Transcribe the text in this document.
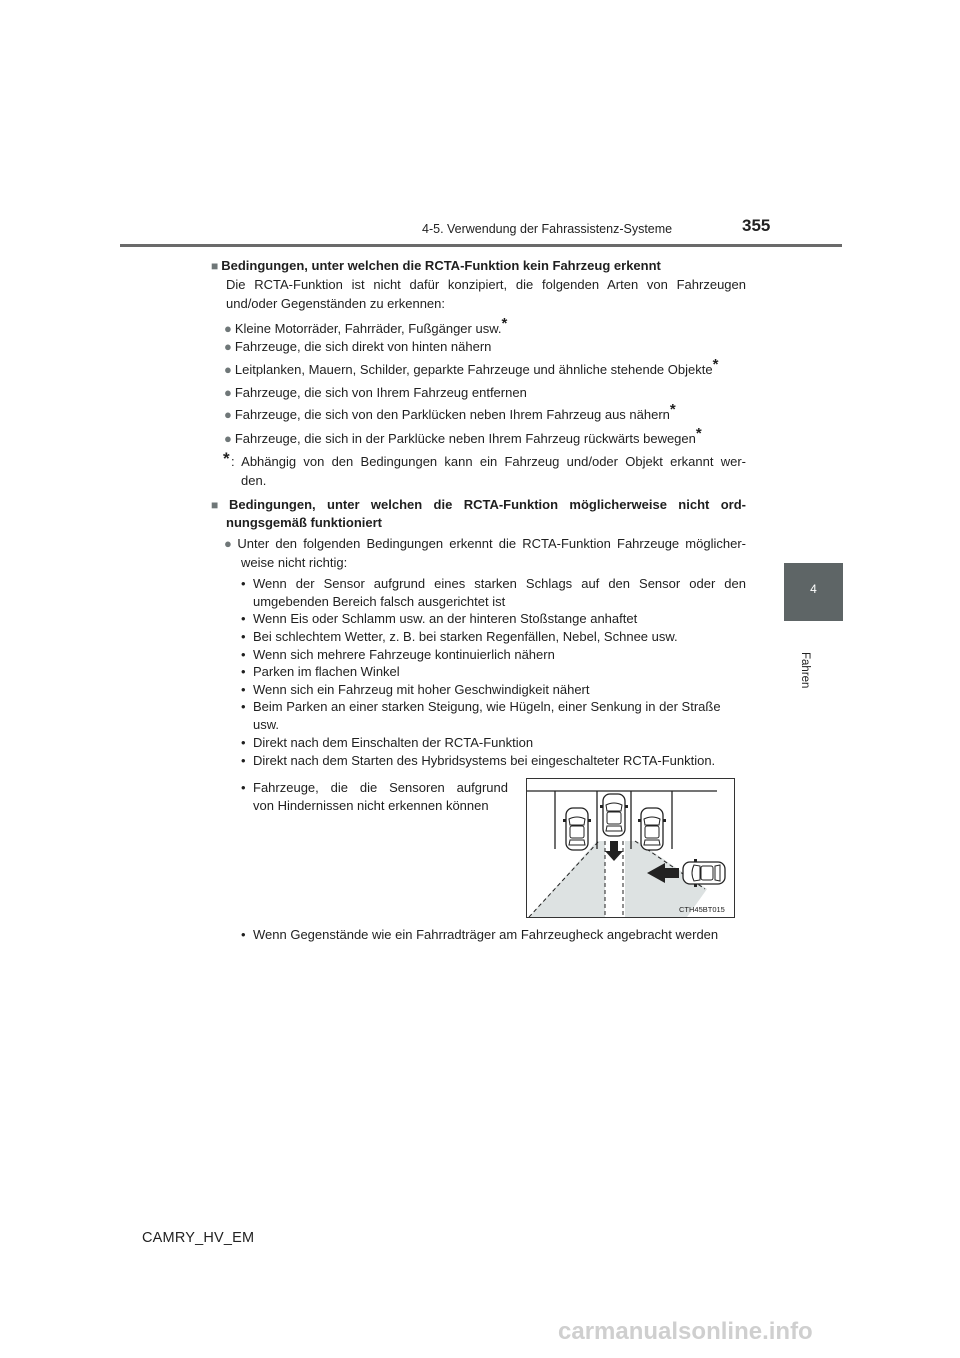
4-5. Verwendung der Fahrassistenz-Systeme	355
4
Fahren
■ Bedingungen, unter welchen die RCTA-Funktion kein Fahrzeug erkennt
Die RCTA-Funktion ist nicht dafür konzipiert, die folgenden Arten von Fahrzeugen
und/oder Gegenständen zu erkennen:
● Kleine Motorräder, Fahrräder, Fußgänger usw.*
● Fahrzeuge, die sich direkt von hinten nähern
● Leitplanken, Mauern, Schilder, geparkte Fahrzeuge und ähnliche stehende Objekte*
● Fahrzeuge, die sich von Ihrem Fahrzeug entfernen
● Fahrzeuge, die sich von den Parklücken neben Ihrem Fahrzeug aus nähern*
● Fahrzeuge, die sich in der Parklücke neben Ihrem Fahrzeug rückwärts bewegen*
* : Abhängig von den Bedingungen kann ein Fahrzeug und/oder Objekt erkannt wer-
den.
■ Bedingungen, unter welchen die RCTA-Funktion möglicherweise nicht ord-
nungsgemäß funktioniert
● Unter den folgenden Bedingungen erkennt die RCTA-Funktion Fahrzeuge möglicher-
weise nicht richtig:
• Wenn der Sensor aufgrund eines starken Schlags auf den Sensor oder den
umgebenden Bereich falsch ausgerichtet ist
• Wenn Eis oder Schlamm usw. an der hinteren Stoßstange anhaftet
• Bei schlechtem Wetter, z. B. bei starken Regenfällen, Nebel, Schnee usw.
• Wenn sich mehrere Fahrzeuge kontinuierlich nähern
• Parken im flachen Winkel
• Wenn sich ein Fahrzeug mit hoher Geschwindigkeit nähert
• Beim Parken an einer starken Steigung, wie Hügeln, einer Senkung in der Straße
usw.
• Direkt nach dem Einschalten der RCTA-Funktion
• Direkt nach dem Starten des Hybridsystems bei eingeschalteter RCTA-Funktion.
• Fahrzeuge, die die Sensoren aufgrund
von Hindernissen nicht erkennen können
CTH45BT015
• Wenn Gegenstände wie ein Fahrradträger am Fahrzeugheck angebracht werden
CAMRY_HV_EM
carmanualsonline.info
